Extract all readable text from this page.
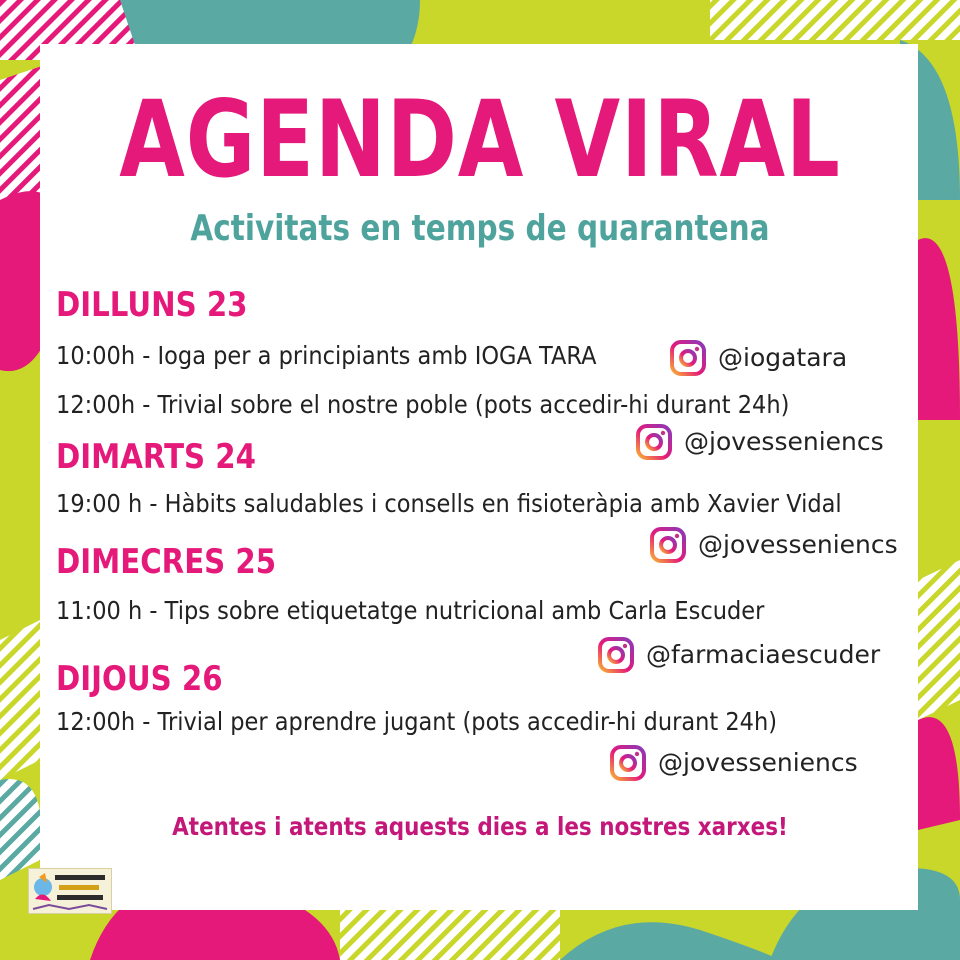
AGENDA VIRAL
Activitats en temps de quarantena
DILLUNS 23
10:00h - Ioga per a principiants amb IOGA TARA	@iogatara
12:00h - Trivial sobre el nostre poble (pots accedir-hi durant 24h)
@jovesseniencs
DIMARTS 24
19:00 h - Hàbits saludables i consells en fisioteràpia amb Xavier Vidal
@jovesseniencs
DIMECRES 25
11:00 h - Tips sobre etiquetatge nutricional amb Carla Escuder
@farmaciaescuder
DIJOUS 26
12:00h - Trivial per aprendre jugant (pots accedir-hi durant 24h)
@jovesseniencs
Atentes i atents aquests dies a les nostres xarxes!
